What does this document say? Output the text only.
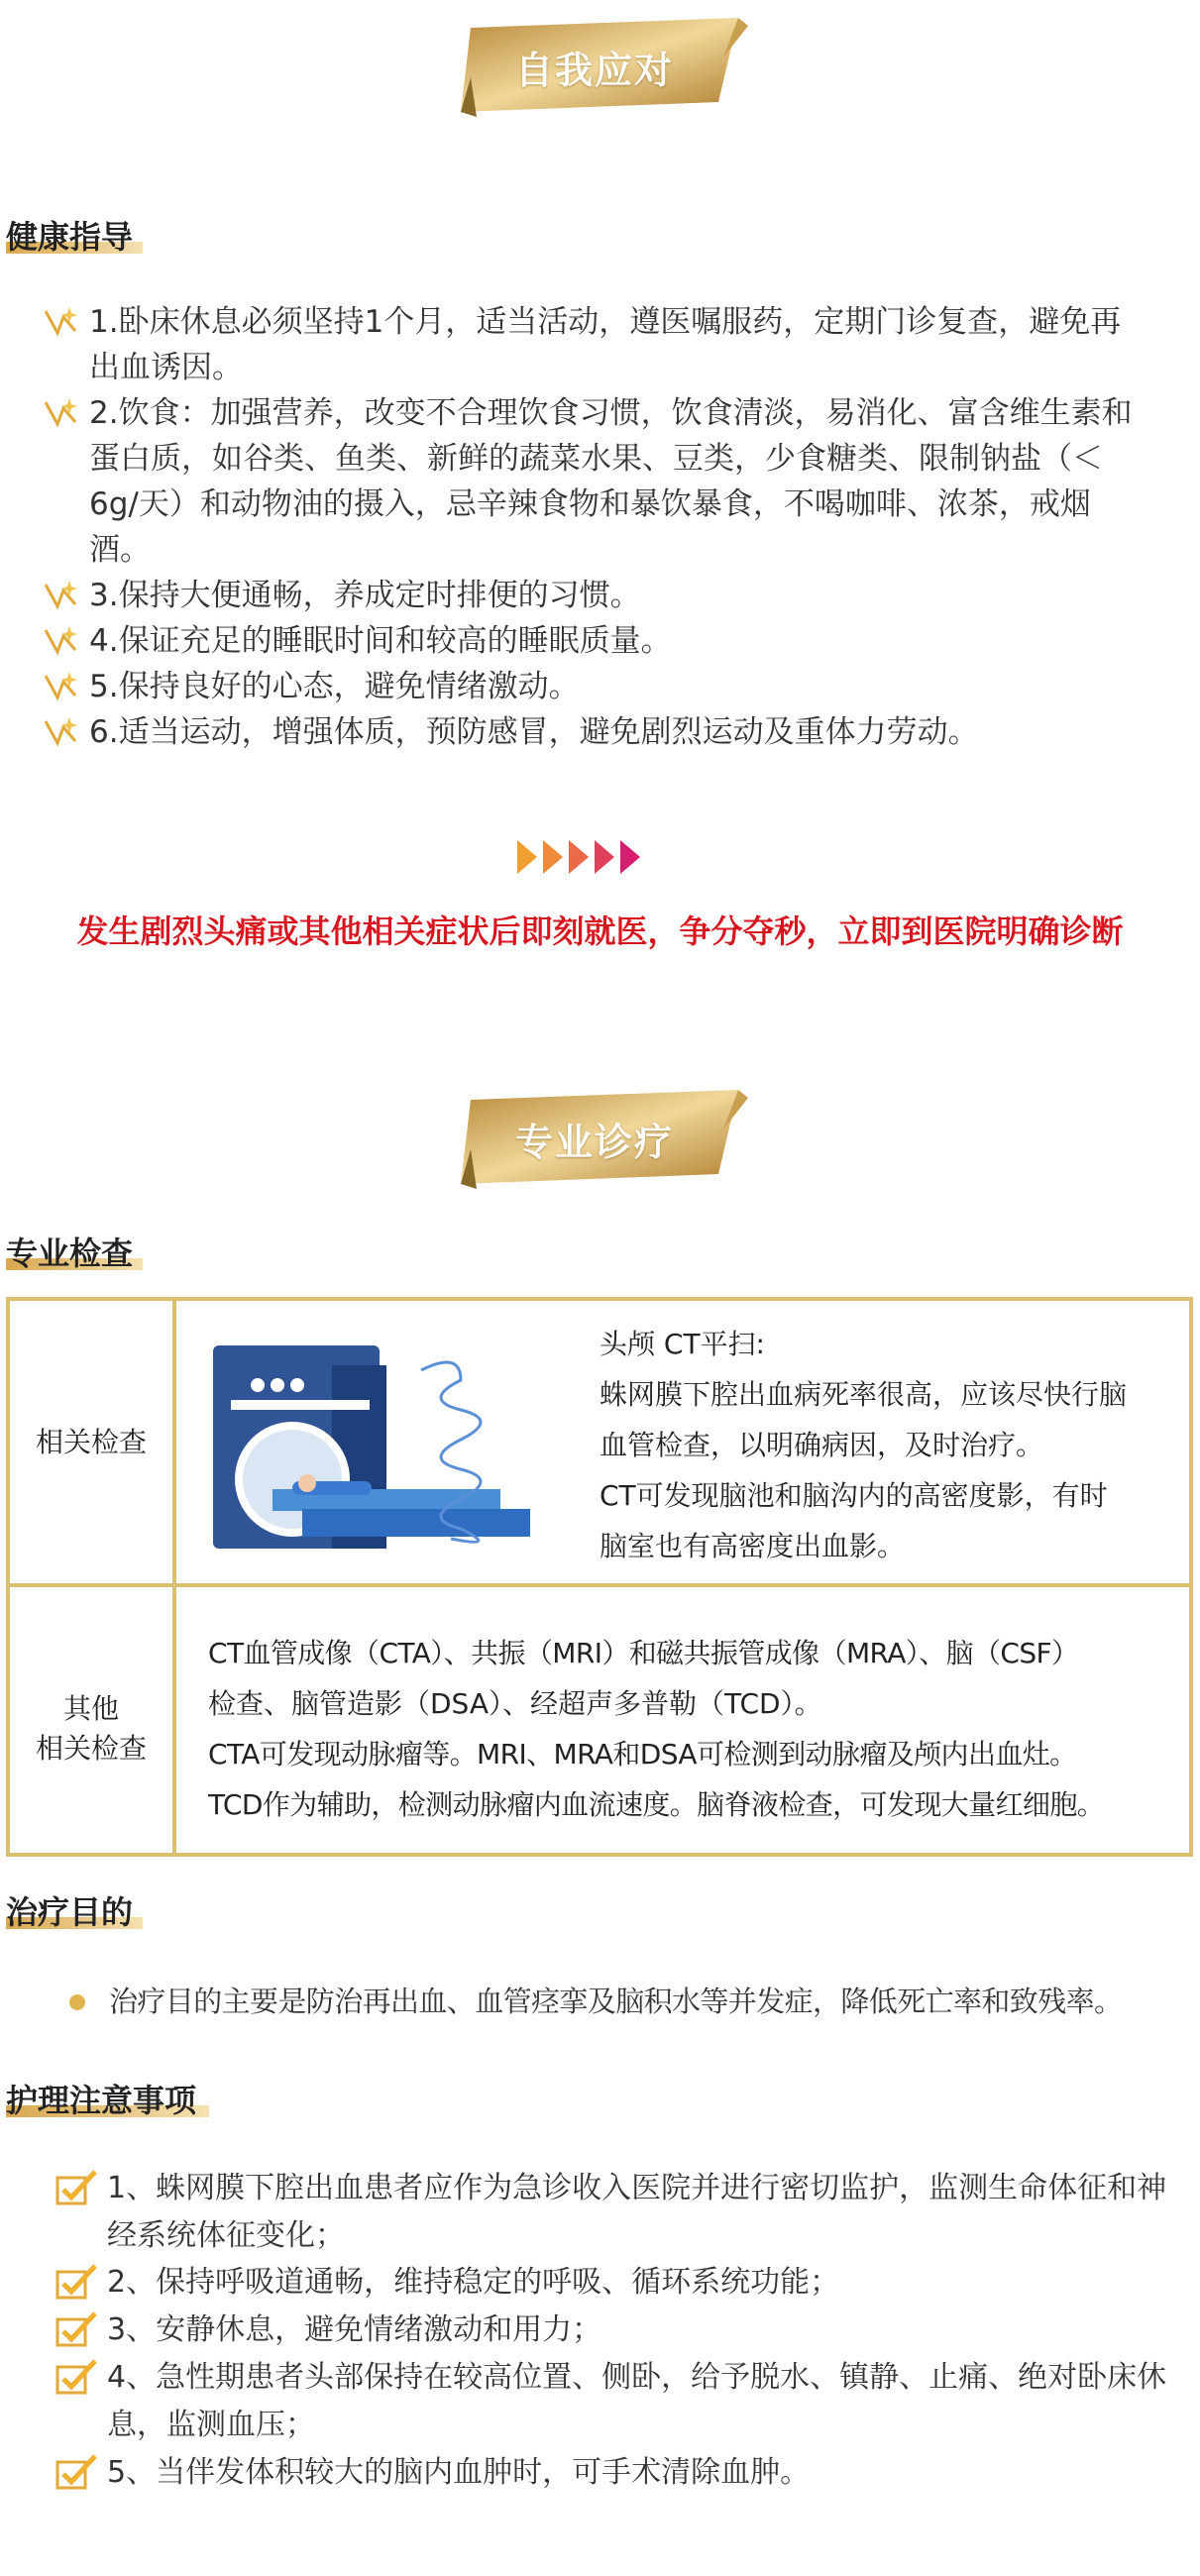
自我应对
健康指导
1.卧床休息必须坚持1个月，适当活动，遵医嘱服药，定期门诊复查，避免再出血诱因。
2.饮食：加强营养，改变不合理饮食习惯，饮食清淡，易消化、富含维生素和蛋白质，如谷类、鱼类、新鲜的蔬菜水果、豆类，少食糖类、限制钠盐（＜6g/天）和动物油的摄入，忌辛辣食物和暴饮暴食，不喝咖啡、浓茶，戒烟酒。
3.保持大便通畅，养成定时排便的习惯。
4.保证充足的睡眠时间和较高的睡眠质量。
5.保持良好的心态，避免情绪激动。
6.适当运动，增强体质，预防感冒，避免剧烈运动及重体力劳动。
发生剧烈头痛或其他相关症状后即刻就医，争分夺秒，立即到医院明确诊断
专业诊疗
专业检查
相关检查
头颅 CT平扫:
蛛网膜下腔出血病死率很高，应该尽快行脑
血管检查，以明确病因，及时治疗。
CT可发现脑池和脑沟内的高密度影，有时
脑室也有高密度出血影。
其他
相关检查
CT血管成像（CTA）、共振（MRI）和磁共振管成像（MRA）、脑（CSF）
检查、脑管造影（DSA）、经超声多普勒（TCD）。
CTA可发现动脉瘤等。MRI、MRA和DSA可检测到动脉瘤及颅内出血灶。
TCD作为辅助，检测动脉瘤内血流速度。脑脊液检查，可发现大量红细胞。
治疗目的
治疗目的主要是防治再出血、血管痉挛及脑积水等并发症，降低死亡率和致残率。
护理注意事项
1、蛛网膜下腔出血患者应作为急诊收入医院并进行密切监护，监测生命体征和神经系统体征变化；
2、保持呼吸道通畅，维持稳定的呼吸、循环系统功能；
3、安静休息，避免情绪激动和用力；
4、急性期患者头部保持在较高位置、侧卧，给予脱水、镇静、止痛、绝对卧床休息，监测血压；
5、当伴发体积较大的脑内血肿时，可手术清除血肿。
